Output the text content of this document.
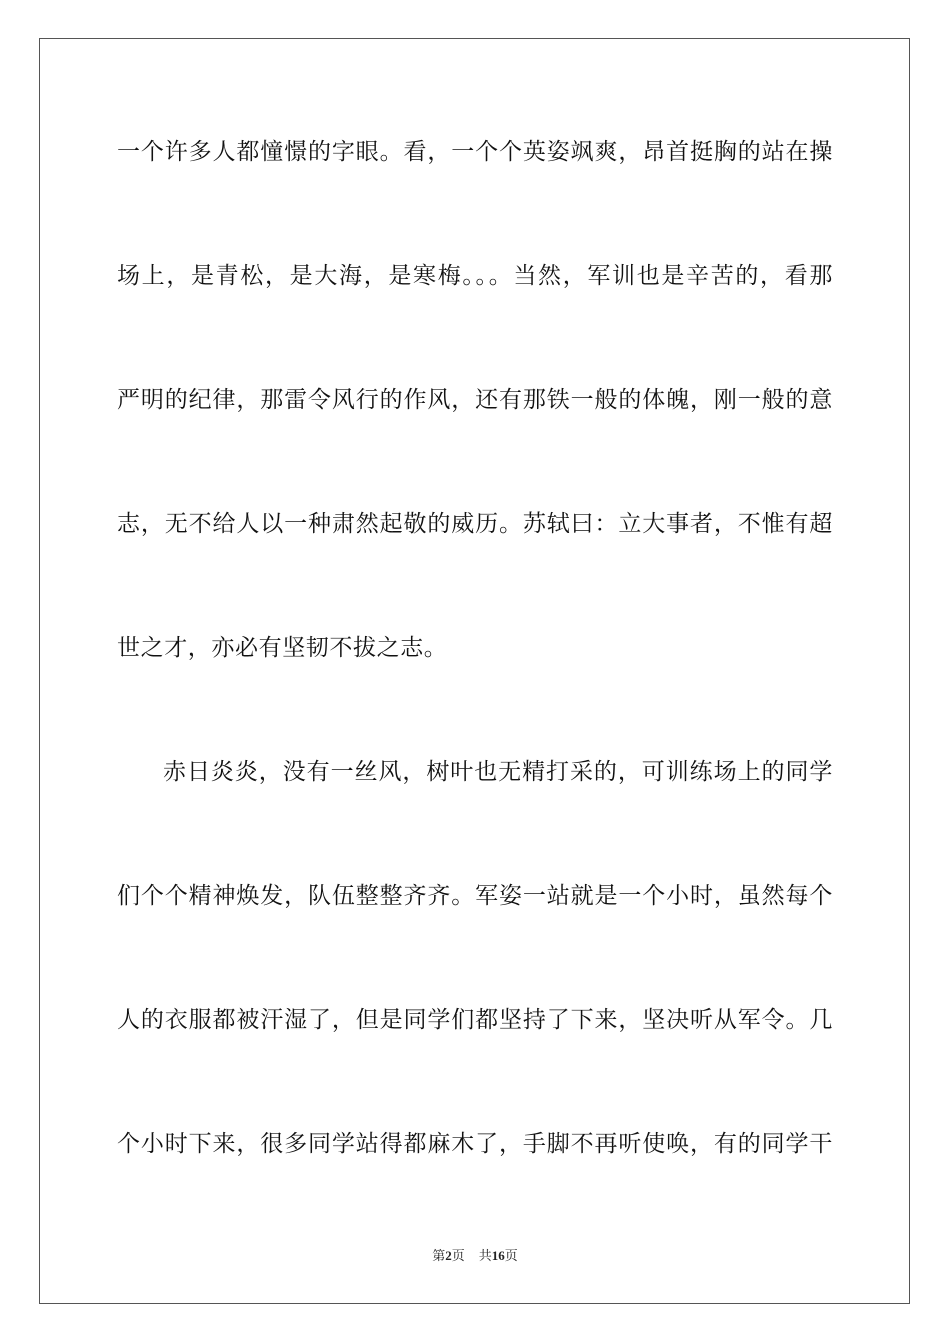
一个许多人都憧憬的字眼。看，一个个英姿飒爽，昂首挺胸的站在操
场上，是青松，是大海，是寒梅。。。当然，军训也是辛苦的，看那
严明的纪律，那雷令风行的作风，还有那铁一般的体魄，刚一般的意
志，无不给人以一种肃然起敬的威历。苏轼曰：立大事者，不惟有超
世之才，亦必有坚韧不拔之志。
赤日炎炎，没有一丝风，树叶也无精打采的，可训练场上的同学
们个个精神焕发，队伍整整齐齐。军姿一站就是一个小时，虽然每个
人的衣服都被汗湿了，但是同学们都坚持了下来，坚决听从军令。几
个小时下来，很多同学站得都麻木了，手脚不再听使唤，有的同学干
第2页 共16页
